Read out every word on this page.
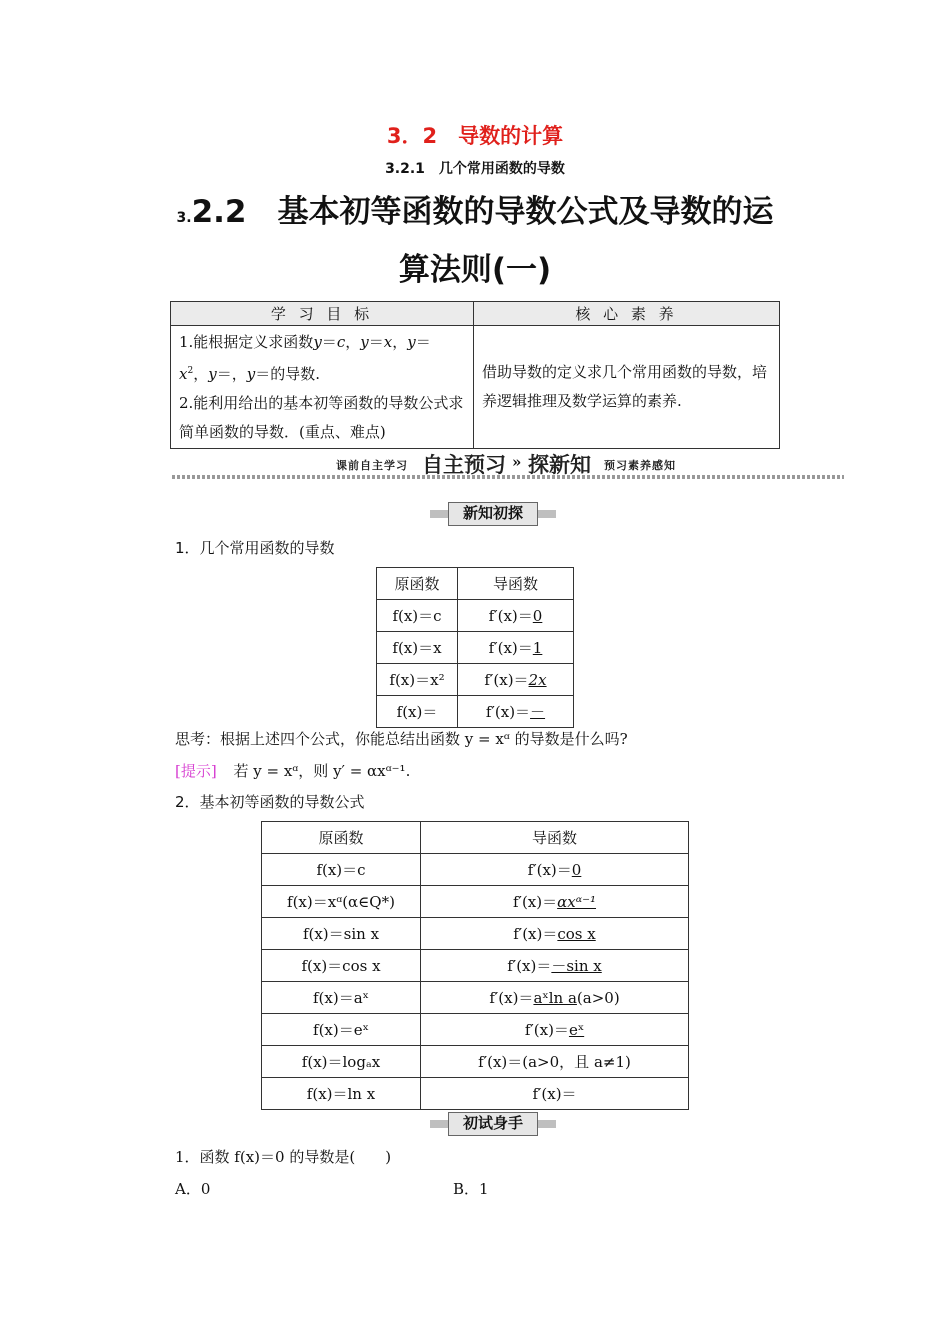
3．2　导数的计算
3.2.1　几个常用函数的导数
3.2.2　基本初等函数的导数公式及导数的运
算法则(一)
学 习 目 标	核 心 素 养
1.能根据定义求函数y＝c，y＝x，y＝
$x^2$，y＝，y＝的导数.
2.能利用给出的基本初等函数的导数公式求简单函数的导数．(重点、难点)	借助导数的定义求几个常用函数的导数，培养逻辑推理及数学运算的素养.
课前自主学习 自主预习 » 探新知 预习素养感知
新知初探
1．几个常用函数的导数
原函数	导函数
f(x)＝c	f′(x)＝0
f(x)＝x	f′(x)＝1
f(x)＝x²	f′(x)＝2x
f(x)＝	f′(x)＝－
思考：根据上述四个公式，你能总结出函数 y = xᵅ 的导数是什么吗?
[提示] 若 y = xᵅ，则 y′ = αxᵅ⁻¹.
2．基本初等函数的导数公式
原函数	导函数
f(x)＝c	f′(x)＝0
f(x)＝xᵅ(α∈Q*)	f′(x)＝αxᵅ⁻¹
f(x)＝sin x	f′(x)＝cos x
f(x)＝cos x	f′(x)＝－sin x
f(x)＝aˣ	f′(x)＝aˣln a(a>0)
f(x)＝eˣ	f′(x)＝eˣ
f(x)＝logₐx	f′(x)＝(a>0，且 a≠1)
f(x)＝ln x	f′(x)＝
初试身手
1．函数 f(x)＝0 的导数是(　　)
A．0	B．1
